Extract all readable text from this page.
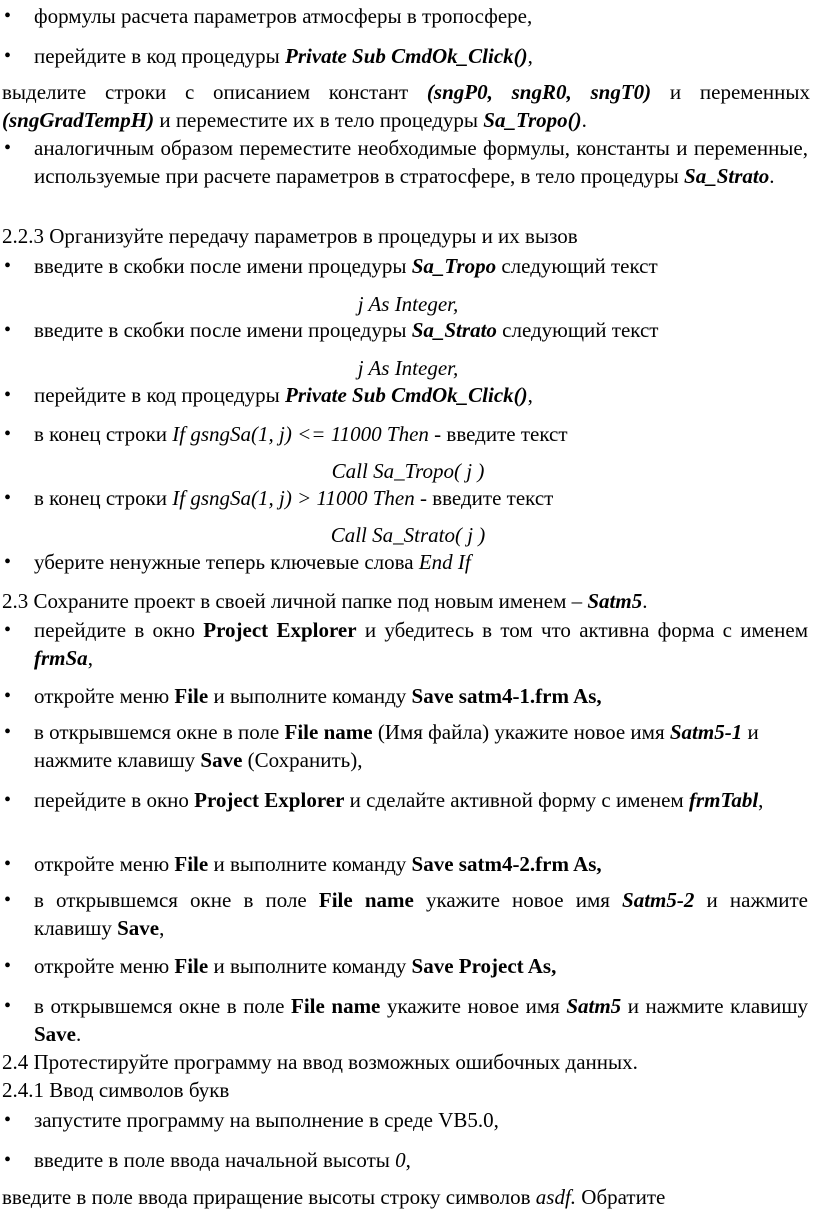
• формулы расчета параметров атмосферы в тропосфере,
• перейдите в код процедуры Private Sub CmdOk_Click(),
выделите строки с описанием констант (sngP0, sngR0, sngT0) и переменных (sngGradTempH) и переместите их в тело процедуры Sa_Tropo().
• аналогичным образом переместите необходимые формулы, константы и переменные, используемые при расчете параметров в стратосфере, в тело процедуры Sa_Strato.
2.2.3 Организуйте передачу параметров в процедуры и их вызов
• введите в скобки после имени процедуры Sa_Tropo следующий текст
j As Integer,
• введите в скобки после имени процедуры Sa_Strato следующий текст
j As Integer,
• перейдите в код процедуры Private Sub CmdOk_Click(),
• в конец строки If gsngSa(1, j) <= 11000 Then - введите текст
Call Sa_Tropo( j )
• в конец строки If gsngSa(1, j) > 11000 Then - введите текст
Call Sa_Strato( j )
• уберите ненужные теперь ключевые слова End If
2.3 Сохраните проект в своей личной папке под новым именем – Satm5.
• перейдите в окно Project Explorer и убедитесь в том что активна форма с именем frmSa,
• откройте меню File и выполните команду Save satm4-1.frm As,
• в открывшемся окне в поле File name (Имя файла) укажите новое имя Satm5-1 и нажмите клавишу Save (Сохранить),
• перейдите в окно Project Explorer и сделайте активной форму с именем frmTabl,
• откройте меню File и выполните команду Save satm4-2.frm As,
• в открывшемся окне в поле File name укажите новое имя Satm5-2 и нажмите клавишу Save,
• откройте меню File и выполните команду Save Project As,
• в открывшемся окне в поле File name укажите новое имя Satm5 и нажмите клавишу Save.
2.4 Протестируйте программу на ввод возможных ошибочных данных.
2.4.1 Ввод символов букв
• запустите программу на выполнение в среде VB5.0,
• введите в поле ввода начальной высоты 0,
введите в поле ввода приращение высоты строку символов asdf. Обратите
